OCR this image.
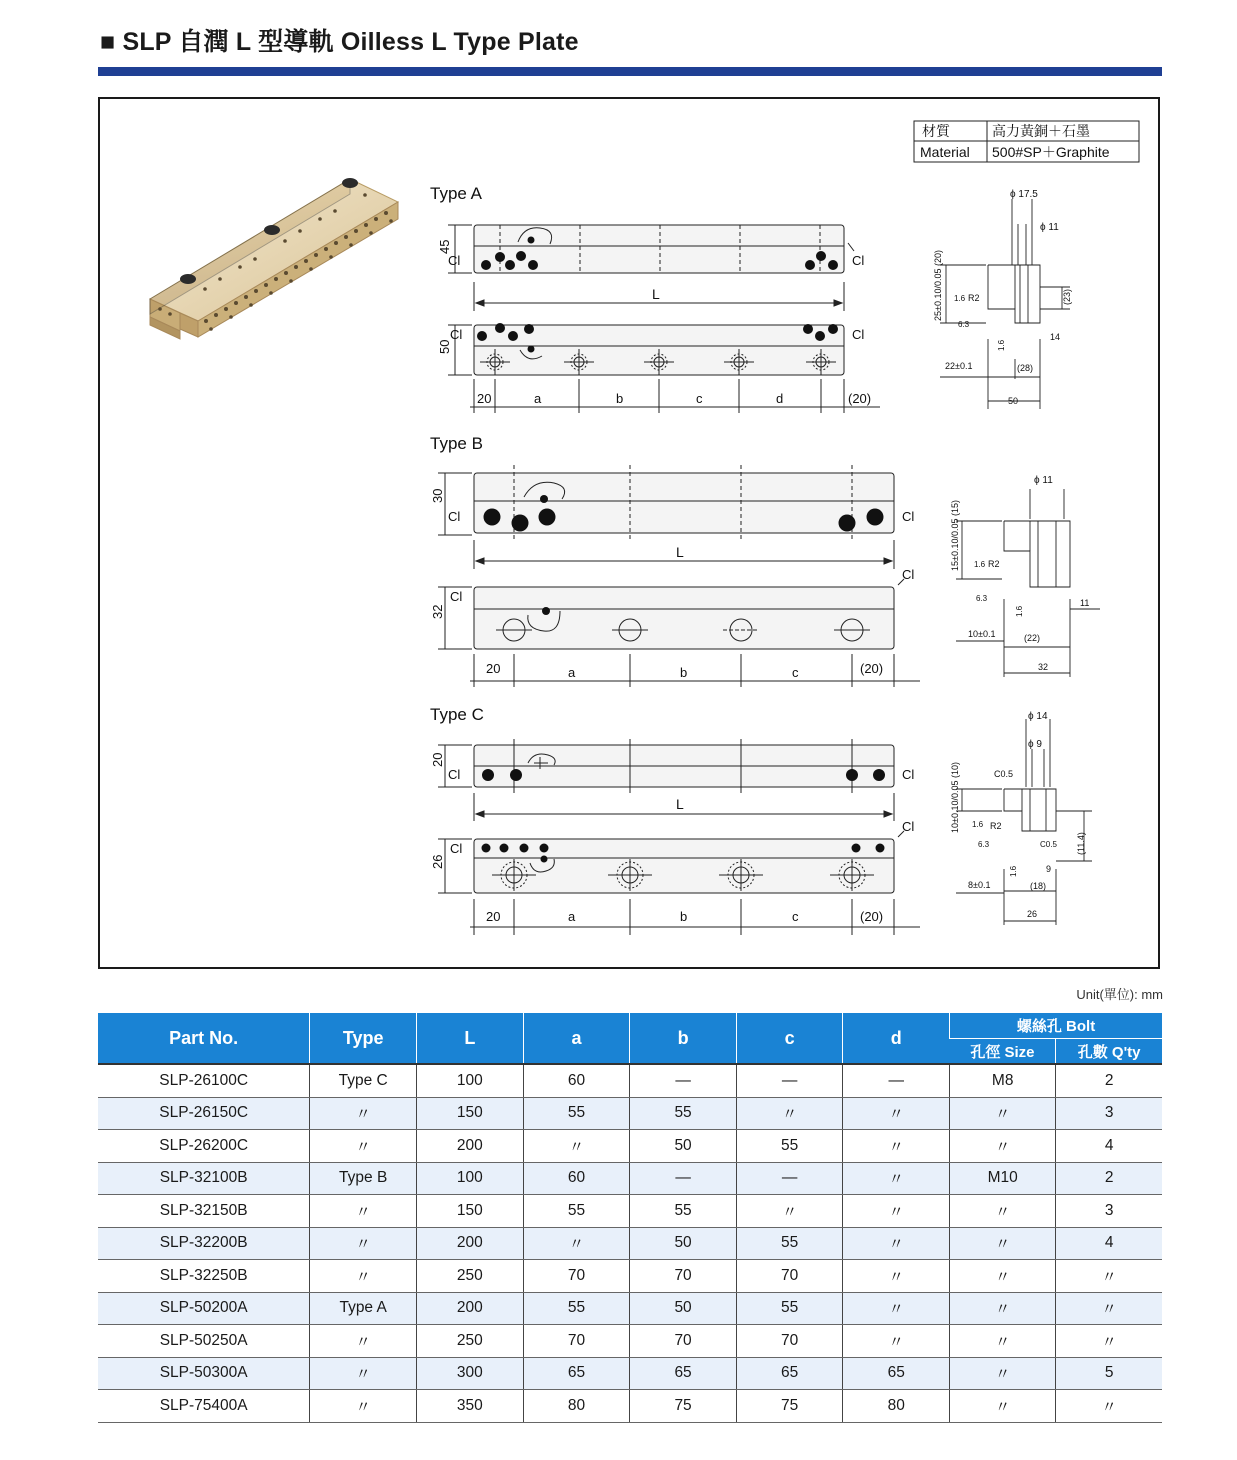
■ SLP 自潤 L 型導軌 Oilless L Type Plate
材質	高力黃銅＋石墨
Material 500#SP＋Graphite
Type A
45
Cl	Cl
L
50
Cl	Cl
20	a	b	c	d	(20)
ϕ 17.5
ϕ 11
25±0.10/0.05 (20)	R2
1.6
6.3
(23)
14
22±0.1	(28)
50
1.6
Type B
30
Cl	Cl
L
32
Cl
Cl
20	a	b	c	(20)
ϕ 11
15±0.10/0.05 (15)	R2
1.6
6.3	11
10±0.1	(22)
32
1.6
Type C
20
Cl	Cl
L
26
Cl
Cl
20	a	b	c	(20)
ϕ 14
ϕ 9
C0.5
10±0.10/0.05 (10)	R2
1.6
6.3	C0.5 (11.4)
9
8±0.1	(18)
26
1.6
Unit(單位): mm
Part No.	Type	L	a	b	c	d	螺絲孔 Bolt	
							孔徑 Size	孔數 Q'ty
SLP-26100C	Type C	100	60	—	—	—	M8	2
SLP-26150C	〃	150	55	55	〃	〃	〃	3
SLP-26200C	〃	200	〃	50	55	〃	〃	4
SLP-32100B	Type B	100	60	—	—	〃	M10	2
SLP-32150B	〃	150	55	55	〃	〃	〃	3
SLP-32200B	〃	200	〃	50	55	〃	〃	4
SLP-32250B	〃	250	70	70	70	〃	〃	〃
SLP-50200A	Type A	200	55	50	55	〃	〃	〃
SLP-50250A	〃	250	70	70	70	〃	〃	〃
SLP-50300A	〃	300	65	65	65	65	〃	5
SLP-75400A	〃	350	80	75	75	80	〃	〃
